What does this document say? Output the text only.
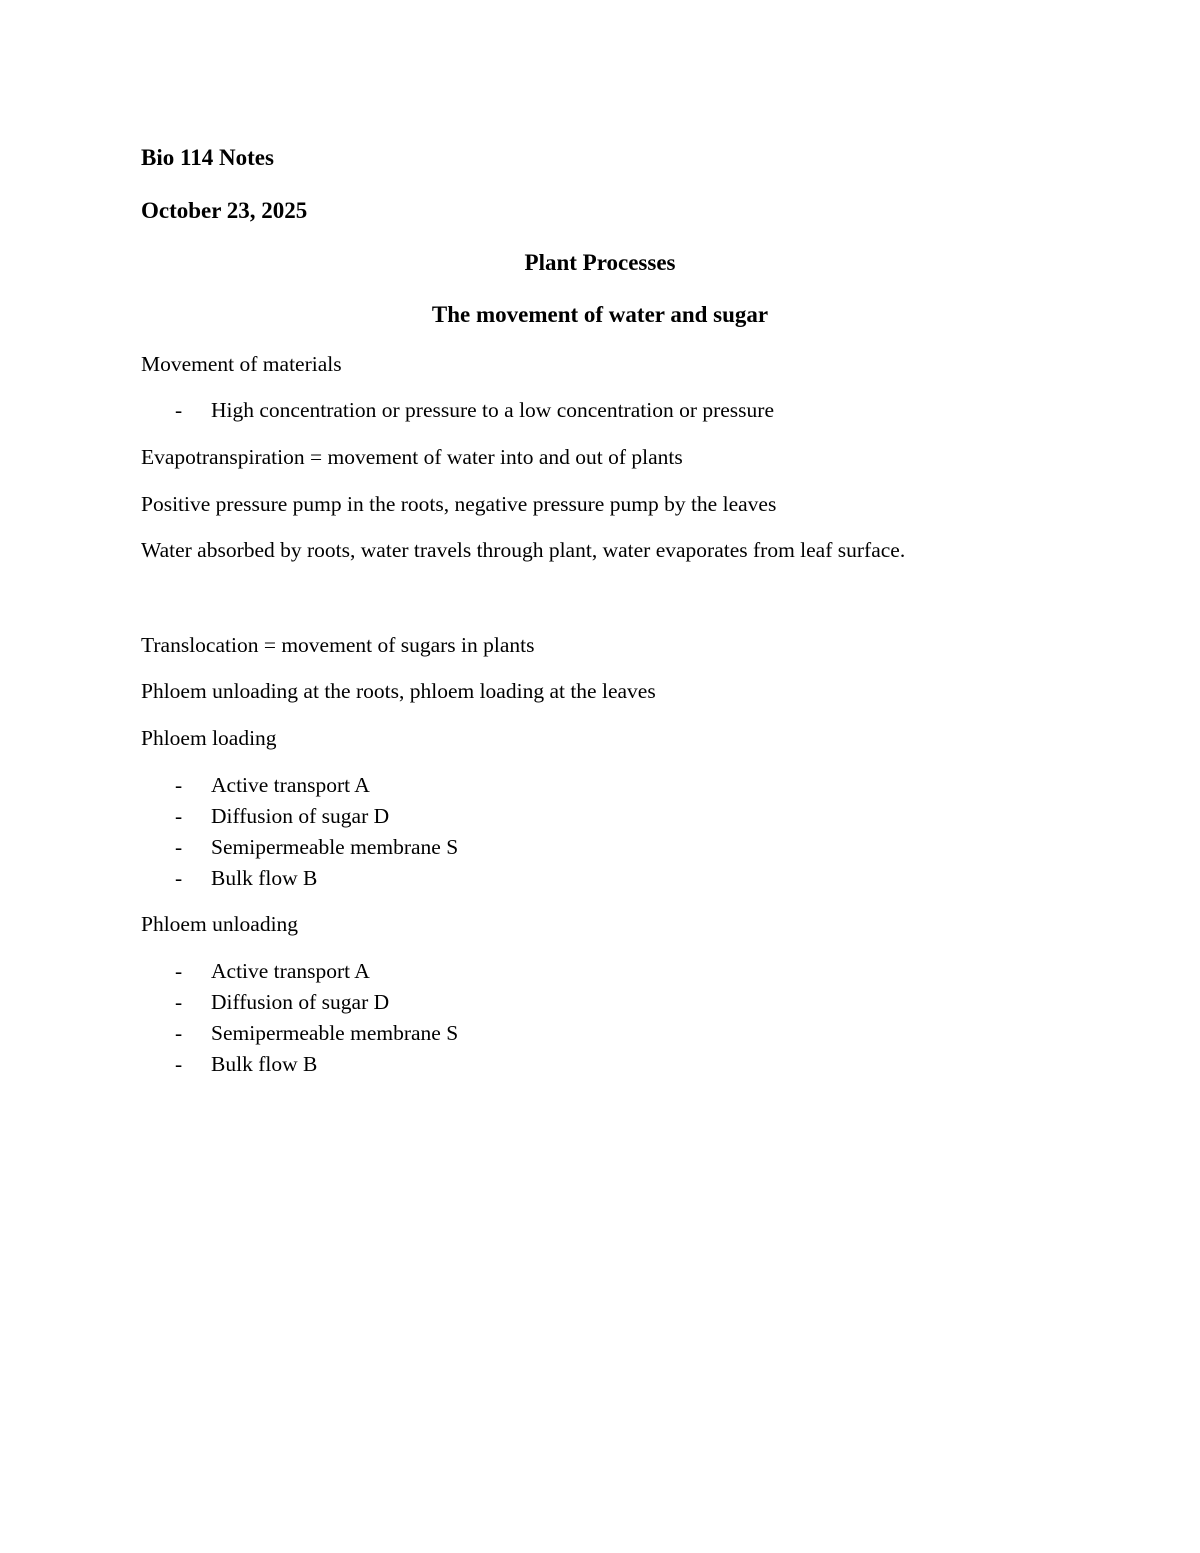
Bio 114 Notes
October 23, 2025
Plant Processes
The movement of water and sugar
Movement of materials
- High concentration or pressure to a low concentration or pressure
Evapotranspiration = movement of water into and out of plants
Positive pressure pump in the roots, negative pressure pump by the leaves
Water absorbed by roots, water travels through plant, water evaporates from leaf surface.
Translocation = movement of sugars in plants
Phloem unloading at the roots, phloem loading at the leaves
Phloem loading
- Active transport A
- Diffusion of sugar D
- Semipermeable membrane S
- Bulk flow B
Phloem unloading
- Active transport A
- Diffusion of sugar D
- Semipermeable membrane S
- Bulk flow B
